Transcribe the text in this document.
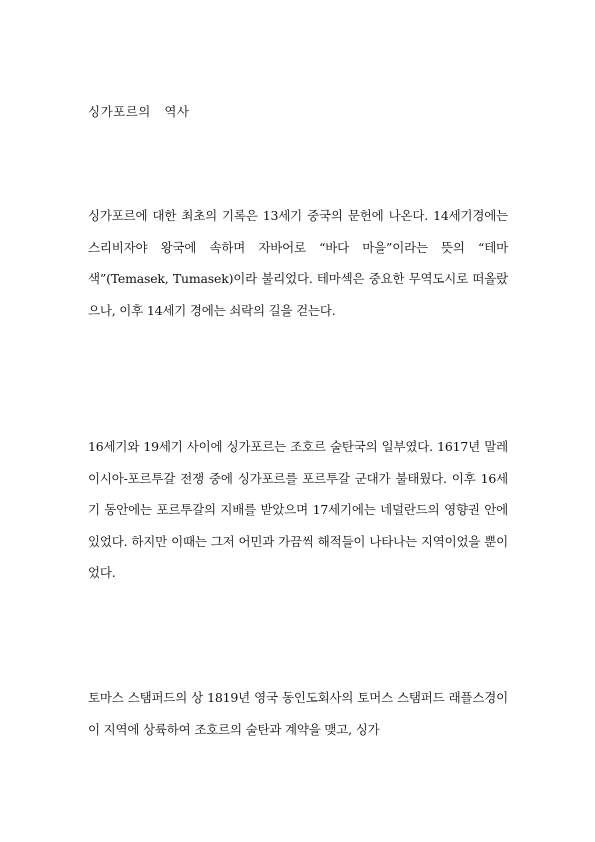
싱가포르의 역사

싱가포르에 대한 최초의 기록은 13세기 중국의 문헌에 나온다. 14세기경에는 스리비자야 왕국에 속하며 자바어로 “바다 마을”이라는 뜻의 “테마색”(Temasek, Tumasek)이라 불리었다. 테마섹은 중요한 무역도시로 떠올랐으나, 이후 14세기 경에는 쇠락의 길을 걷는다.

16세기와 19세기 사이에 싱가포르는 조호르 술탄국의 일부였다. 1617년 말레이시아-포르투갈 전쟁 중에 싱가포르를 포르투갈 군대가 불태웠다. 이후 16세기 동안에는 포르투갈의 지배를 받았으며 17세기에는 네덜란드의 영향권 안에 있었다. 하지만 이때는 그저 어민과 가끔씩 해적들이 나타나는 지역이었을 뿐이었다.

토마스 스탬퍼드의 상 1819년 영국 동인도회사의 토머스 스탬퍼드 래플스경이 이 지역에 상륙하여 조호르의 술탄과 계약을 맺고, 싱가
